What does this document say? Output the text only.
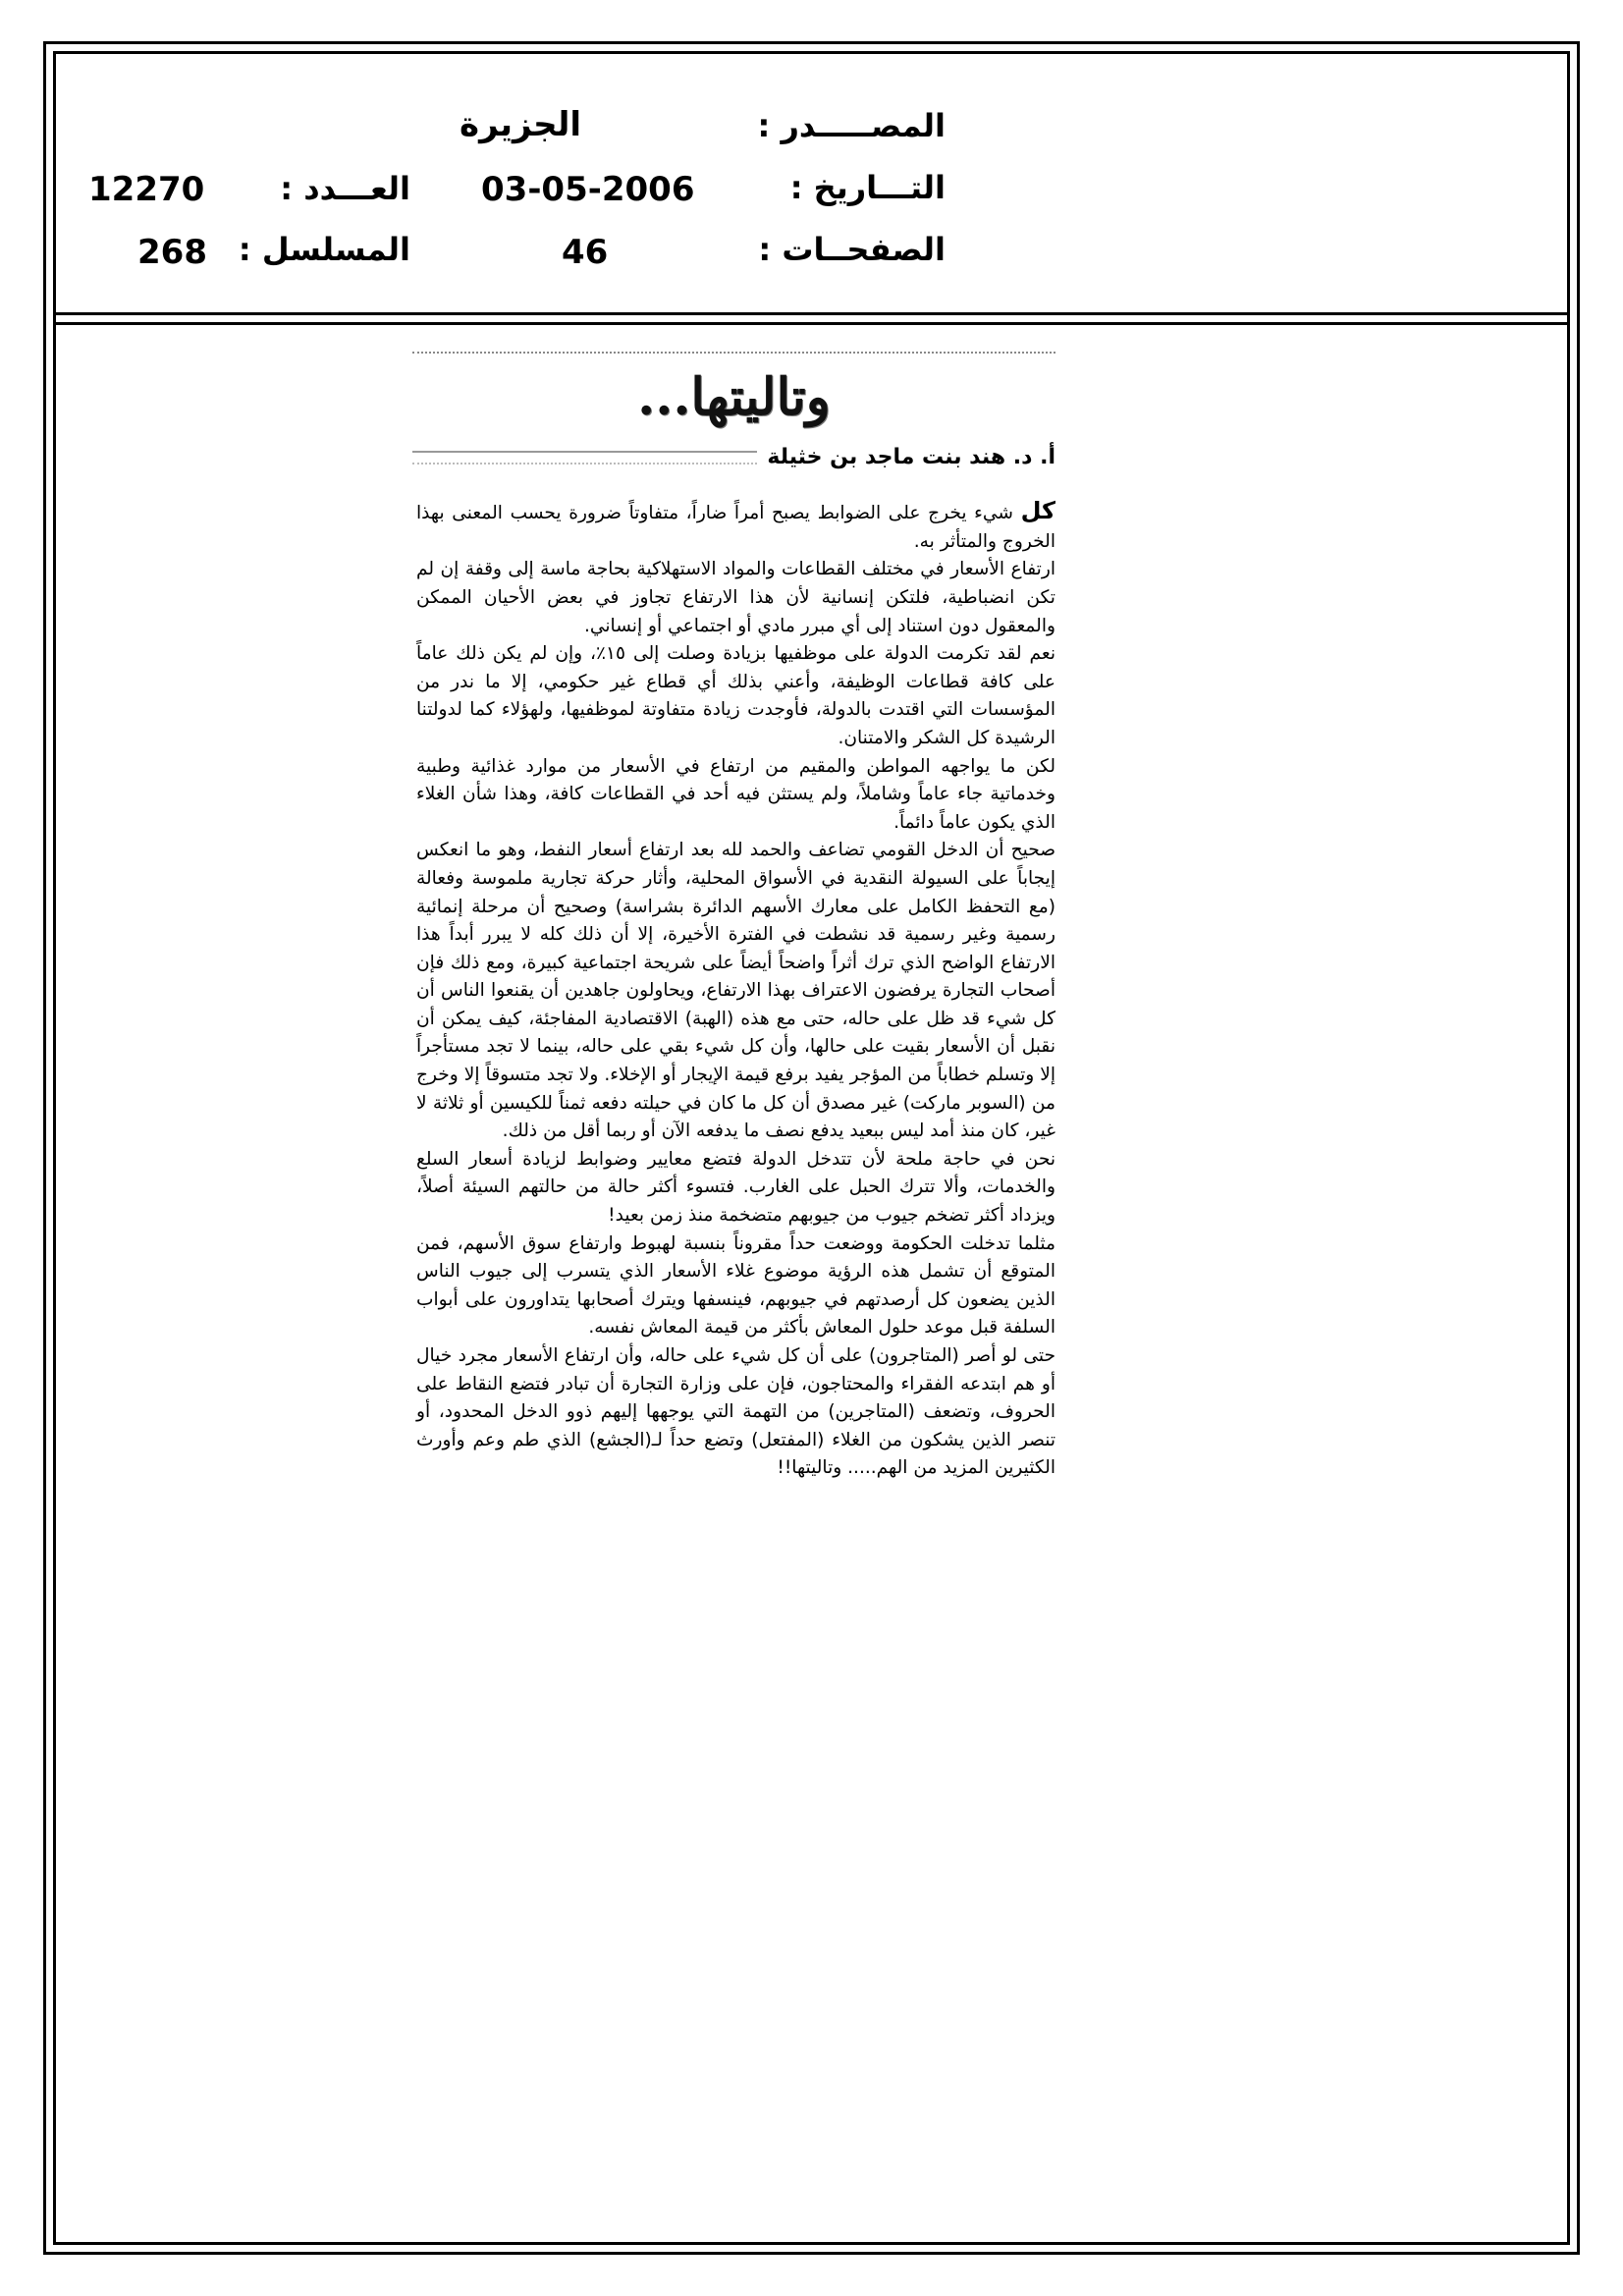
المصـــــدر :
الجزيرة
التـــاريخ :
03-05-2006
الصفحــات :
46
العـــدد :
12270
المسلسل :
268
وتاليتها...
أ. د. هند بنت ماجد بن خثيلة

كل شيء يخرج على الضوابط يصبح أمراً ضاراً، متفاوتاً ضرورة يحسب المعنى بهذا الخروج والمتأثر به.

ارتفاع الأسعار في مختلف القطاعات والمواد الاستهلاكية بحاجة ماسة إلى وقفة إن لم تكن انضباطية، فلتكن إنسانية لأن هذا الارتفاع تجاوز في بعض الأحيان الممكن والمعقول دون استناد إلى أي مبرر مادي أو اجتماعي أو إنساني.

نعم لقد تكرمت الدولة على موظفيها بزيادة وصلت إلى ١٥٪، وإن لم يكن ذلك عاماً على كافة قطاعات الوظيفة، وأعني بذلك أي قطاع غير حكومي، إلا ما ندر من المؤسسات التي اقتدت بالدولة، فأوجدت زيادة متفاوتة لموظفيها، ولهؤلاء كما لدولتنا الرشيدة كل الشكر والامتنان.

لكن ما يواجهه المواطن والمقيم من ارتفاع في الأسعار من موارد غذائية وطبية وخدماتية جاء عاماً وشاملاً، ولم يستثن فيه أحد في القطاعات كافة، وهذا شأن الغلاء الذي يكون عاماً دائماً.

صحيح أن الدخل القومي تضاعف والحمد لله بعد ارتفاع أسعار النفط، وهو ما انعكس إيجاباً على السيولة النقدية في الأسواق المحلية، وأثار حركة تجارية ملموسة وفعالة (مع التحفظ الكامل على معارك الأسهم الدائرة بشراسة) وصحيح أن مرحلة إنمائية رسمية وغير رسمية قد نشطت في الفترة الأخيرة، إلا أن ذلك كله لا يبرر أبداً هذا الارتفاع الواضح الذي ترك أثراً واضحاً أيضاً على شريحة اجتماعية كبيرة، ومع ذلك فإن أصحاب التجارة يرفضون الاعتراف بهذا الارتفاع، ويحاولون جاهدين أن يقنعوا الناس أن كل شيء قد ظل على حاله، حتى مع هذه (الهبة) الاقتصادية المفاجئة، كيف يمكن أن نقبل أن الأسعار بقيت على حالها، وأن كل شيء بقي على حاله، بينما لا تجد مستأجراً إلا وتسلم خطاباً من المؤجر يفيد برفع قيمة الإيجار أو الإخلاء. ولا تجد متسوقاً إلا وخرج من (السوبر ماركت) غير مصدق أن كل ما كان في حيلته دفعه ثمناً للكيسين أو ثلاثة لا غير، كان منذ أمد ليس ببعيد يدفع نصف ما يدفعه الآن أو ربما أقل من ذلك.

نحن في حاجة ملحة لأن تتدخل الدولة فتضع معايير وضوابط لزيادة أسعار السلع والخدمات، وألا تترك الحبل على الغارب. فتسوء أكثر حالة من حالتهم السيئة أصلاً، ويزداد أكثر تضخم جيوب من جيوبهم متضخمة منذ زمن بعيد!

مثلما تدخلت الحكومة ووضعت حداً مقروناً بنسبة لهبوط وارتفاع سوق الأسهم، فمن المتوقع أن تشمل هذه الرؤية موضوع غلاء الأسعار الذي يتسرب إلى جيوب الناس الذين يضعون كل أرصدتهم في جيوبهم، فينسفها ويترك أصحابها يتداورون على أبواب السلفة قبل موعد حلول المعاش بأكثر من قيمة المعاش نفسه.

حتى لو أصر (المتاجرون) على أن كل شيء على حاله، وأن ارتفاع الأسعار مجرد خيال أو هم ابتدعه الفقراء والمحتاجون، فإن على وزارة التجارة أن تبادر فتضع النقاط على الحروف، وتضعف (المتاجرين) من التهمة التي يوجهها إليهم ذوو الدخل المحدود، أو تنصر الذين يشكون من الغلاء (المفتعل) وتضع حداً لـ(الجشع) الذي طم وعم وأورث الكثيرين المزيد من الهم..... وتاليتها!!
